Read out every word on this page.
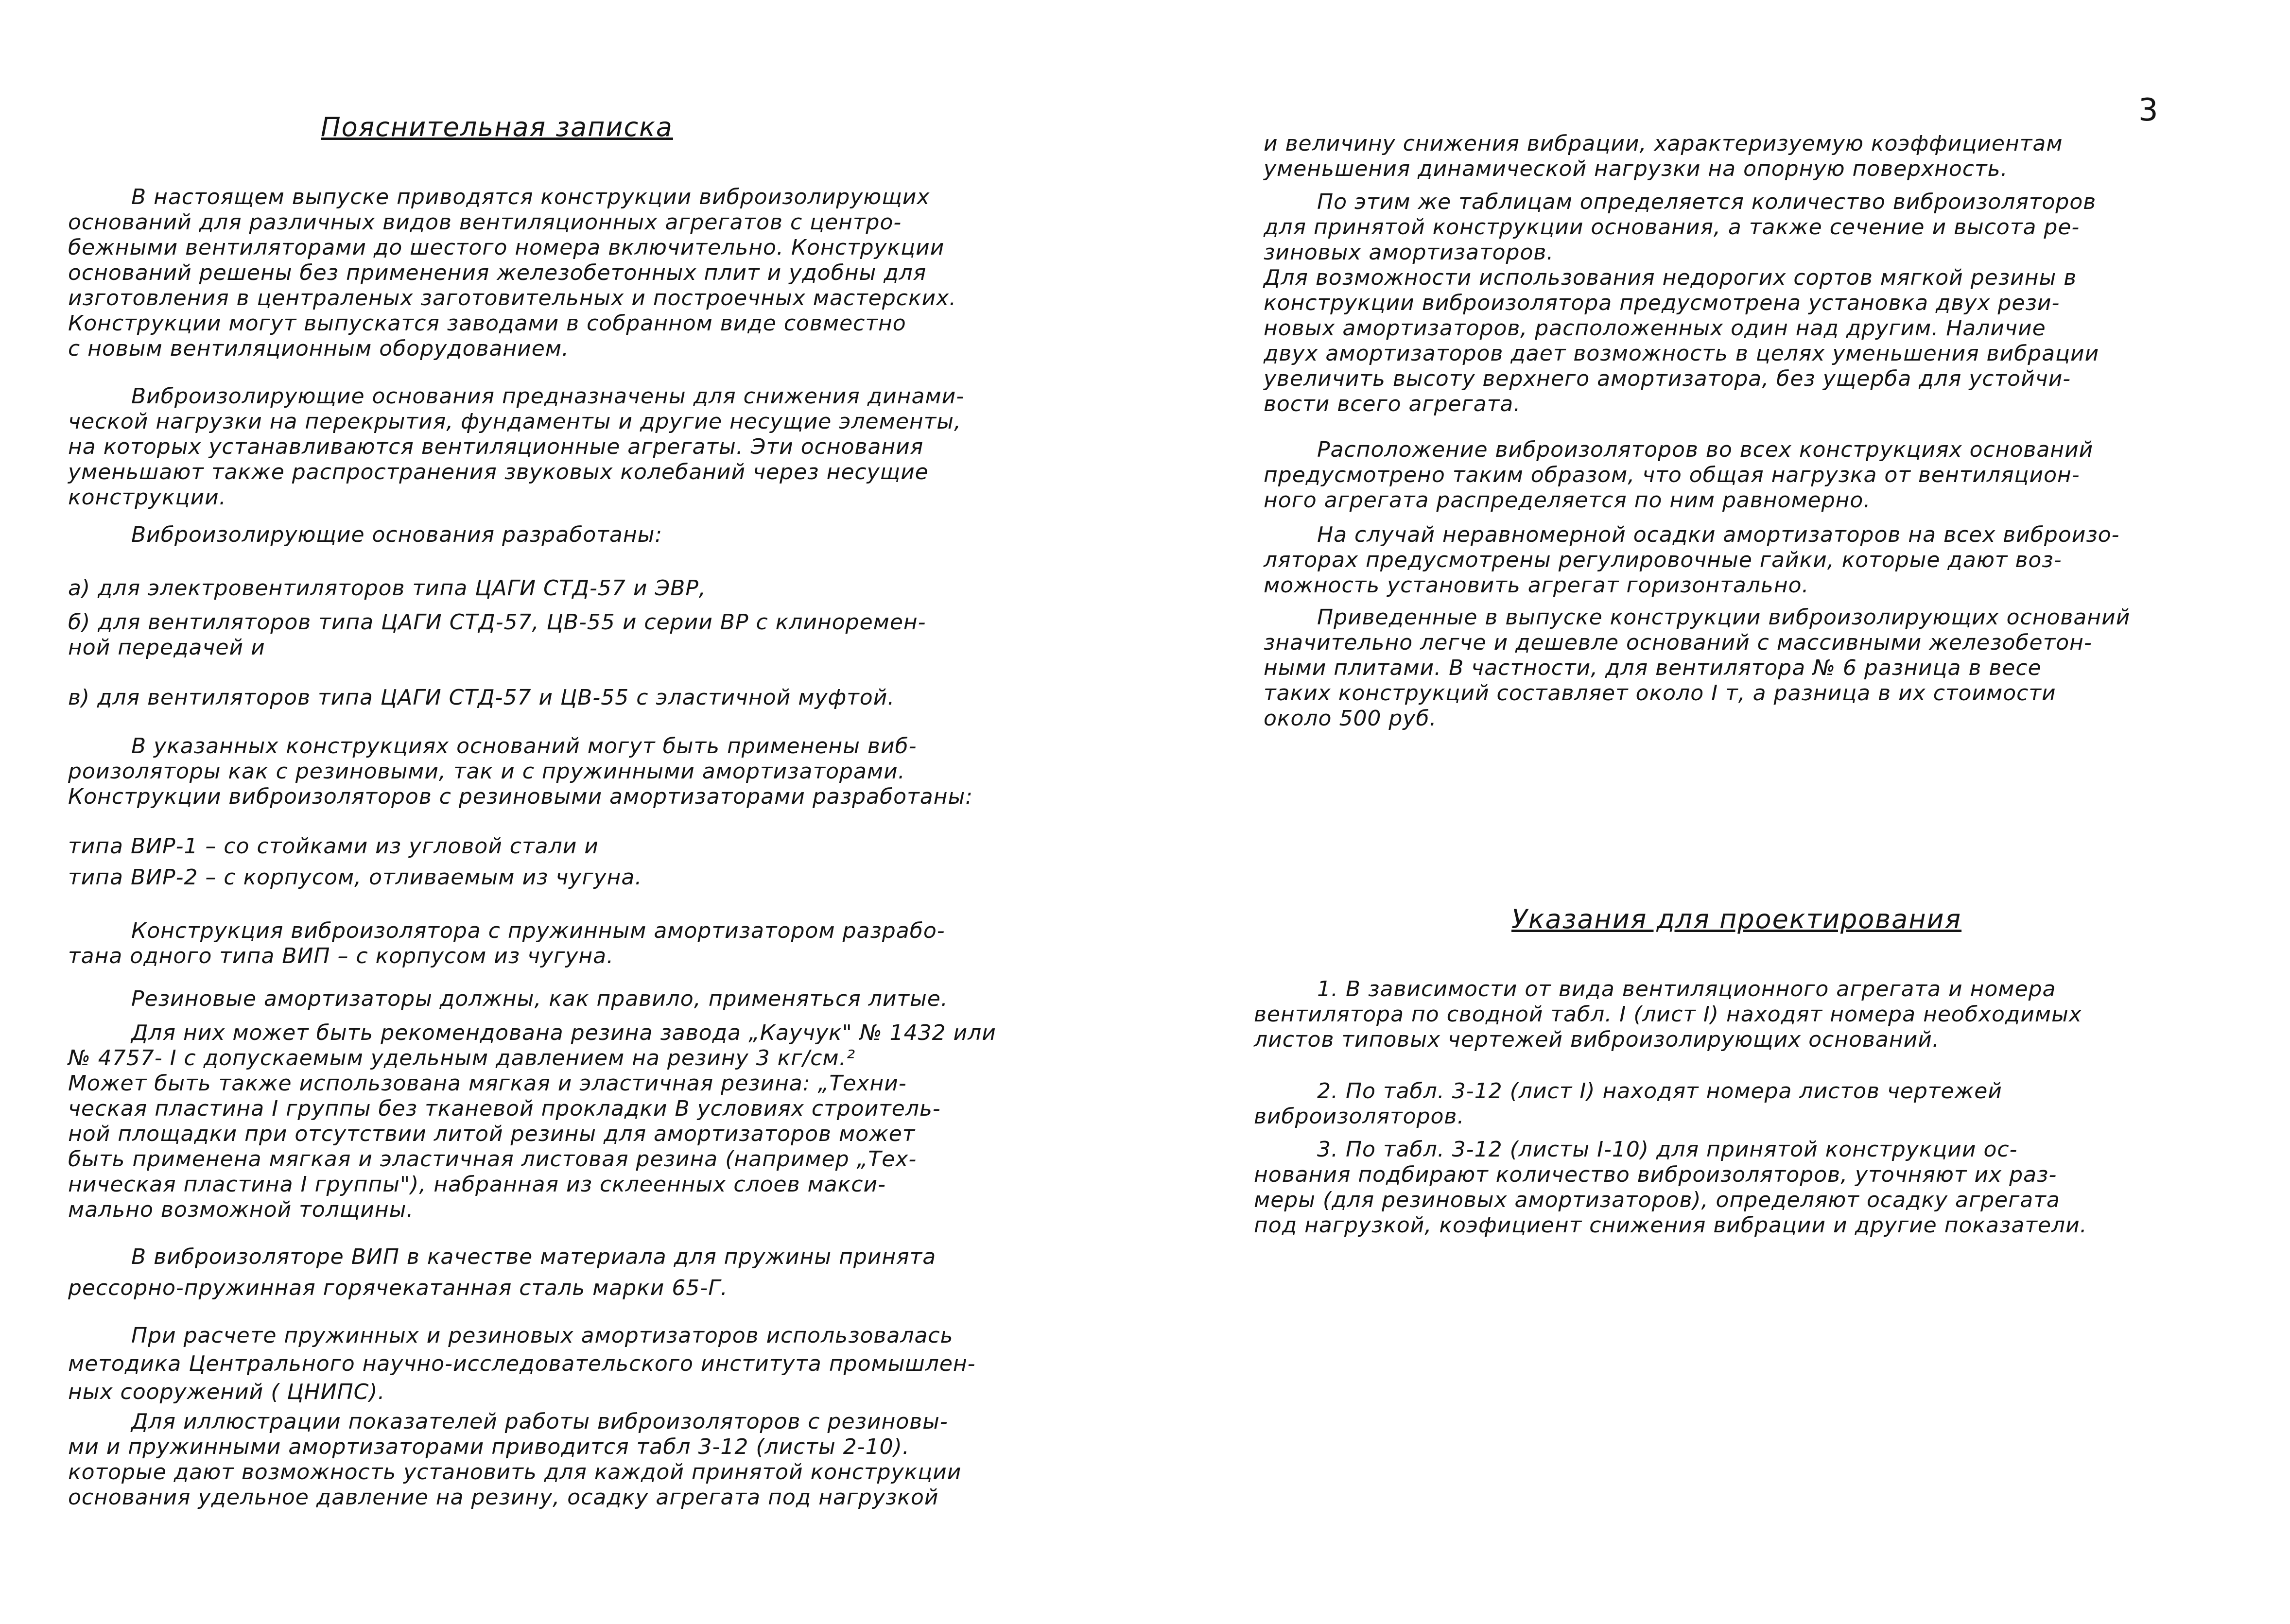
3
Пояснительная записка

В настоящем выпуске приводятся конструкции виброизолирующих
оснований для различных видов вентиляционных агрегатов с центро-
бежными вентиляторами до шестого номера включительно. Конструкции
оснований решены без применения железобетонных плит и удобны для
изготовления в централеных заготовительных и построечных мастерских.
Конструкции могут выпускатся заводами в собранном виде совместно
с новым вентиляционным оборудованием.

Виброизолирующие основания предназначены для снижения динами-
ческой нагрузки на перекрытия, фундаменты и другие несущие элементы,
на которых устанавливаются вентиляционные агрегаты. Эти основания
уменьшают также распространения звуковых колебаний через несущие
конструкции.

Виброизолирующие основания разработаны:

а) для электровентиляторов типа ЦАГИ СТД-57 и ЭВР,

б) для вентиляторов типа ЦАГИ СТД-57, ЦВ-55 и серии ВР с клиноремен-
ной передачей и

в) для вентиляторов типа ЦАГИ СТД-57 и ЦВ-55 с эластичной муфтой.

В указанных конструкциях оснований могут быть применены виб-
роизоляторы как с резиновыми, так и с пружинными амортизаторами.
Конструкции виброизоляторов с резиновыми амортизаторами разработаны:

типа ВИР-1 – со стойками из угловой стали и
типа ВИР-2 – с корпусом, отливаемым из чугуна.

Конструкция виброизолятора с пружинным амортизатором разрабо-
тана одного типа ВИП – с корпусом из чугуна.

Резиновые амортизаторы должны, как правило, применяться литые.

Для них может быть рекомендована резина завода „Каучук" № 1432 или
№ 4757- I с допускаемым удельным давлением на резину 3 кг/см.²
Может быть также использована мягкая и эластичная резина: „Техни-
ческая пластина I группы без тканевой прокладки В условиях строитель-
ной площадки при отсутствии литой резины для амортизаторов может
быть применена мягкая и эластичная листовая резина (например „Тех-
ническая пластина I группы"), набранная из склеенных слоев макси-
мально возможной толщины.

В виброизоляторе ВИП в качестве материала для пружины принята
рессорно-пружинная горячекатанная сталь марки 65-Г.

При расчете пружинных и резиновых амортизаторов использовалась
методика Центрального научно-исследовательского института промышлен-
ных сооружений ( ЦНИПС).

Для иллюстрации показателей работы виброизоляторов с резиновы-
ми и пружинными амортизаторами приводится табл 3-12 (листы 2-10).
которые дают возможность установить для каждой принятой конструкции
основания удельное давление на резину, осадку агрегата под нагрузкой

и величину снижения вибрации, характеризуемую коэффициентам
уменьшения динамической нагрузки на опорную поверхность.

По этим же таблицам определяется количество виброизоляторов
для принятой конструкции основания, а также сечение и высота ре-
зиновых амортизаторов.
Для возможности использования недорогих сортов мягкой резины в
конструкции виброизолятора предусмотрена установка двух рези-
новых амортизаторов, расположенных один над другим. Наличие
двух амортизаторов дает возможность в целях уменьшения вибрации
увеличить высоту верхнего амортизатора, без ущерба для устойчи-
вости всего агрегата.

Расположение виброизоляторов во всех конструкциях оснований
предусмотрено таким образом, что общая нагрузка от вентиляцион-
ного агрегата распределяется по ним равномерно.

На случай неравномерной осадки амортизаторов на всех виброизо-
ляторах предусмотрены регулировочные гайки, которые дают воз-
можность установить агрегат горизонтально.

Приведенные в выпуске конструкции виброизолирующих оснований
значительно легче и дешевле оснований с массивными железобетон-
ными плитами. В частности, для вентилятора № 6 разница в весе
таких конструкций составляет около I т, а разница в их стоимости
около 500 руб.

Указания для проектирования

1. В зависимости от вида вентиляционного агрегата и номера
вентилятора по сводной табл. I (лист I) находят номера необходимых
листов типовых чертежей виброизолирующих оснований.

2. По табл. 3-12 (лист I) находят номера листов чертежей
виброизоляторов.

3. По табл. 3-12 (листы I-10) для принятой конструкции ос-
нования подбирают количество виброизоляторов, уточняют их раз-
меры (для резиновых амортизаторов), определяют осадку агрегата
под нагрузкой, коэфициент снижения вибрации и другие показатели.
